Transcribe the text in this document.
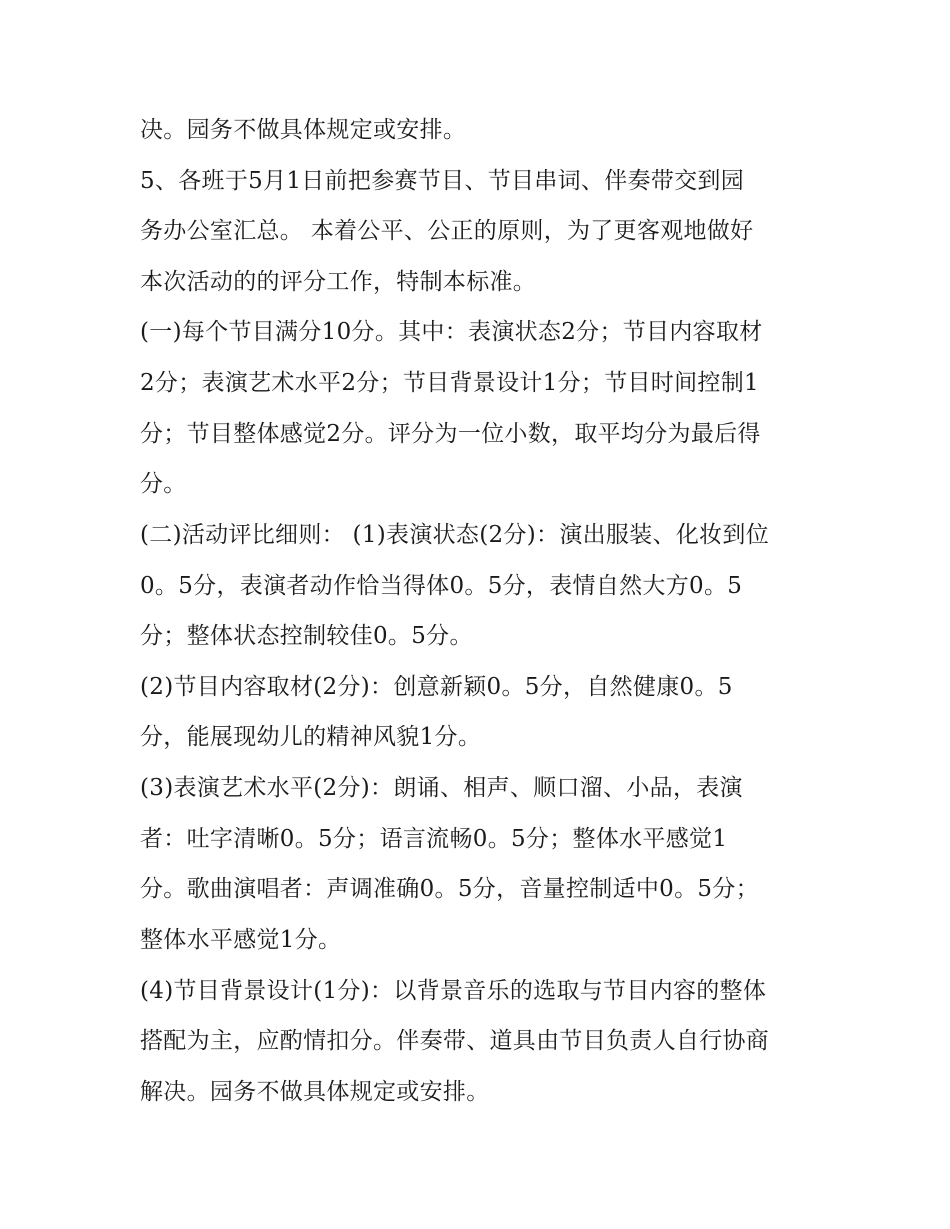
决。园务不做具体规定或安排。
5、各班于5月1日前把参赛节目、节目串词、伴奏带交到园
务办公室汇总。 本着公平、公正的原则，为了更客观地做好
本次活动的的评分工作，特制本标准。
(一)每个节目满分10分。其中：表演状态2分；节目内容取材
2分；表演艺术水平2分；节目背景设计1分；节目时间控制1
分；节目整体感觉2分。评分为一位小数，取平均分为最后得
分。
(二)活动评比细则： (1)表演状态(2分)：演出服装、化妆到位
0。5分，表演者动作恰当得体0。5分，表情自然大方0。5
分；整体状态控制较佳0。5分。
(2)节目内容取材(2分)：创意新颖0。5分，自然健康0。5
分，能展现幼儿的精神风貌1分。
(3)表演艺术水平(2分)：朗诵、相声、顺口溜、小品，表演
者：吐字清晰0。5分；语言流畅0。5分；整体水平感觉1
分。歌曲演唱者：声调准确0。5分，音量控制适中0。5分；
整体水平感觉1分。
(4)节目背景设计(1分)：以背景音乐的选取与节目内容的整体
搭配为主，应酌情扣分。伴奏带、道具由节目负责人自行协商
解决。园务不做具体规定或安排。
